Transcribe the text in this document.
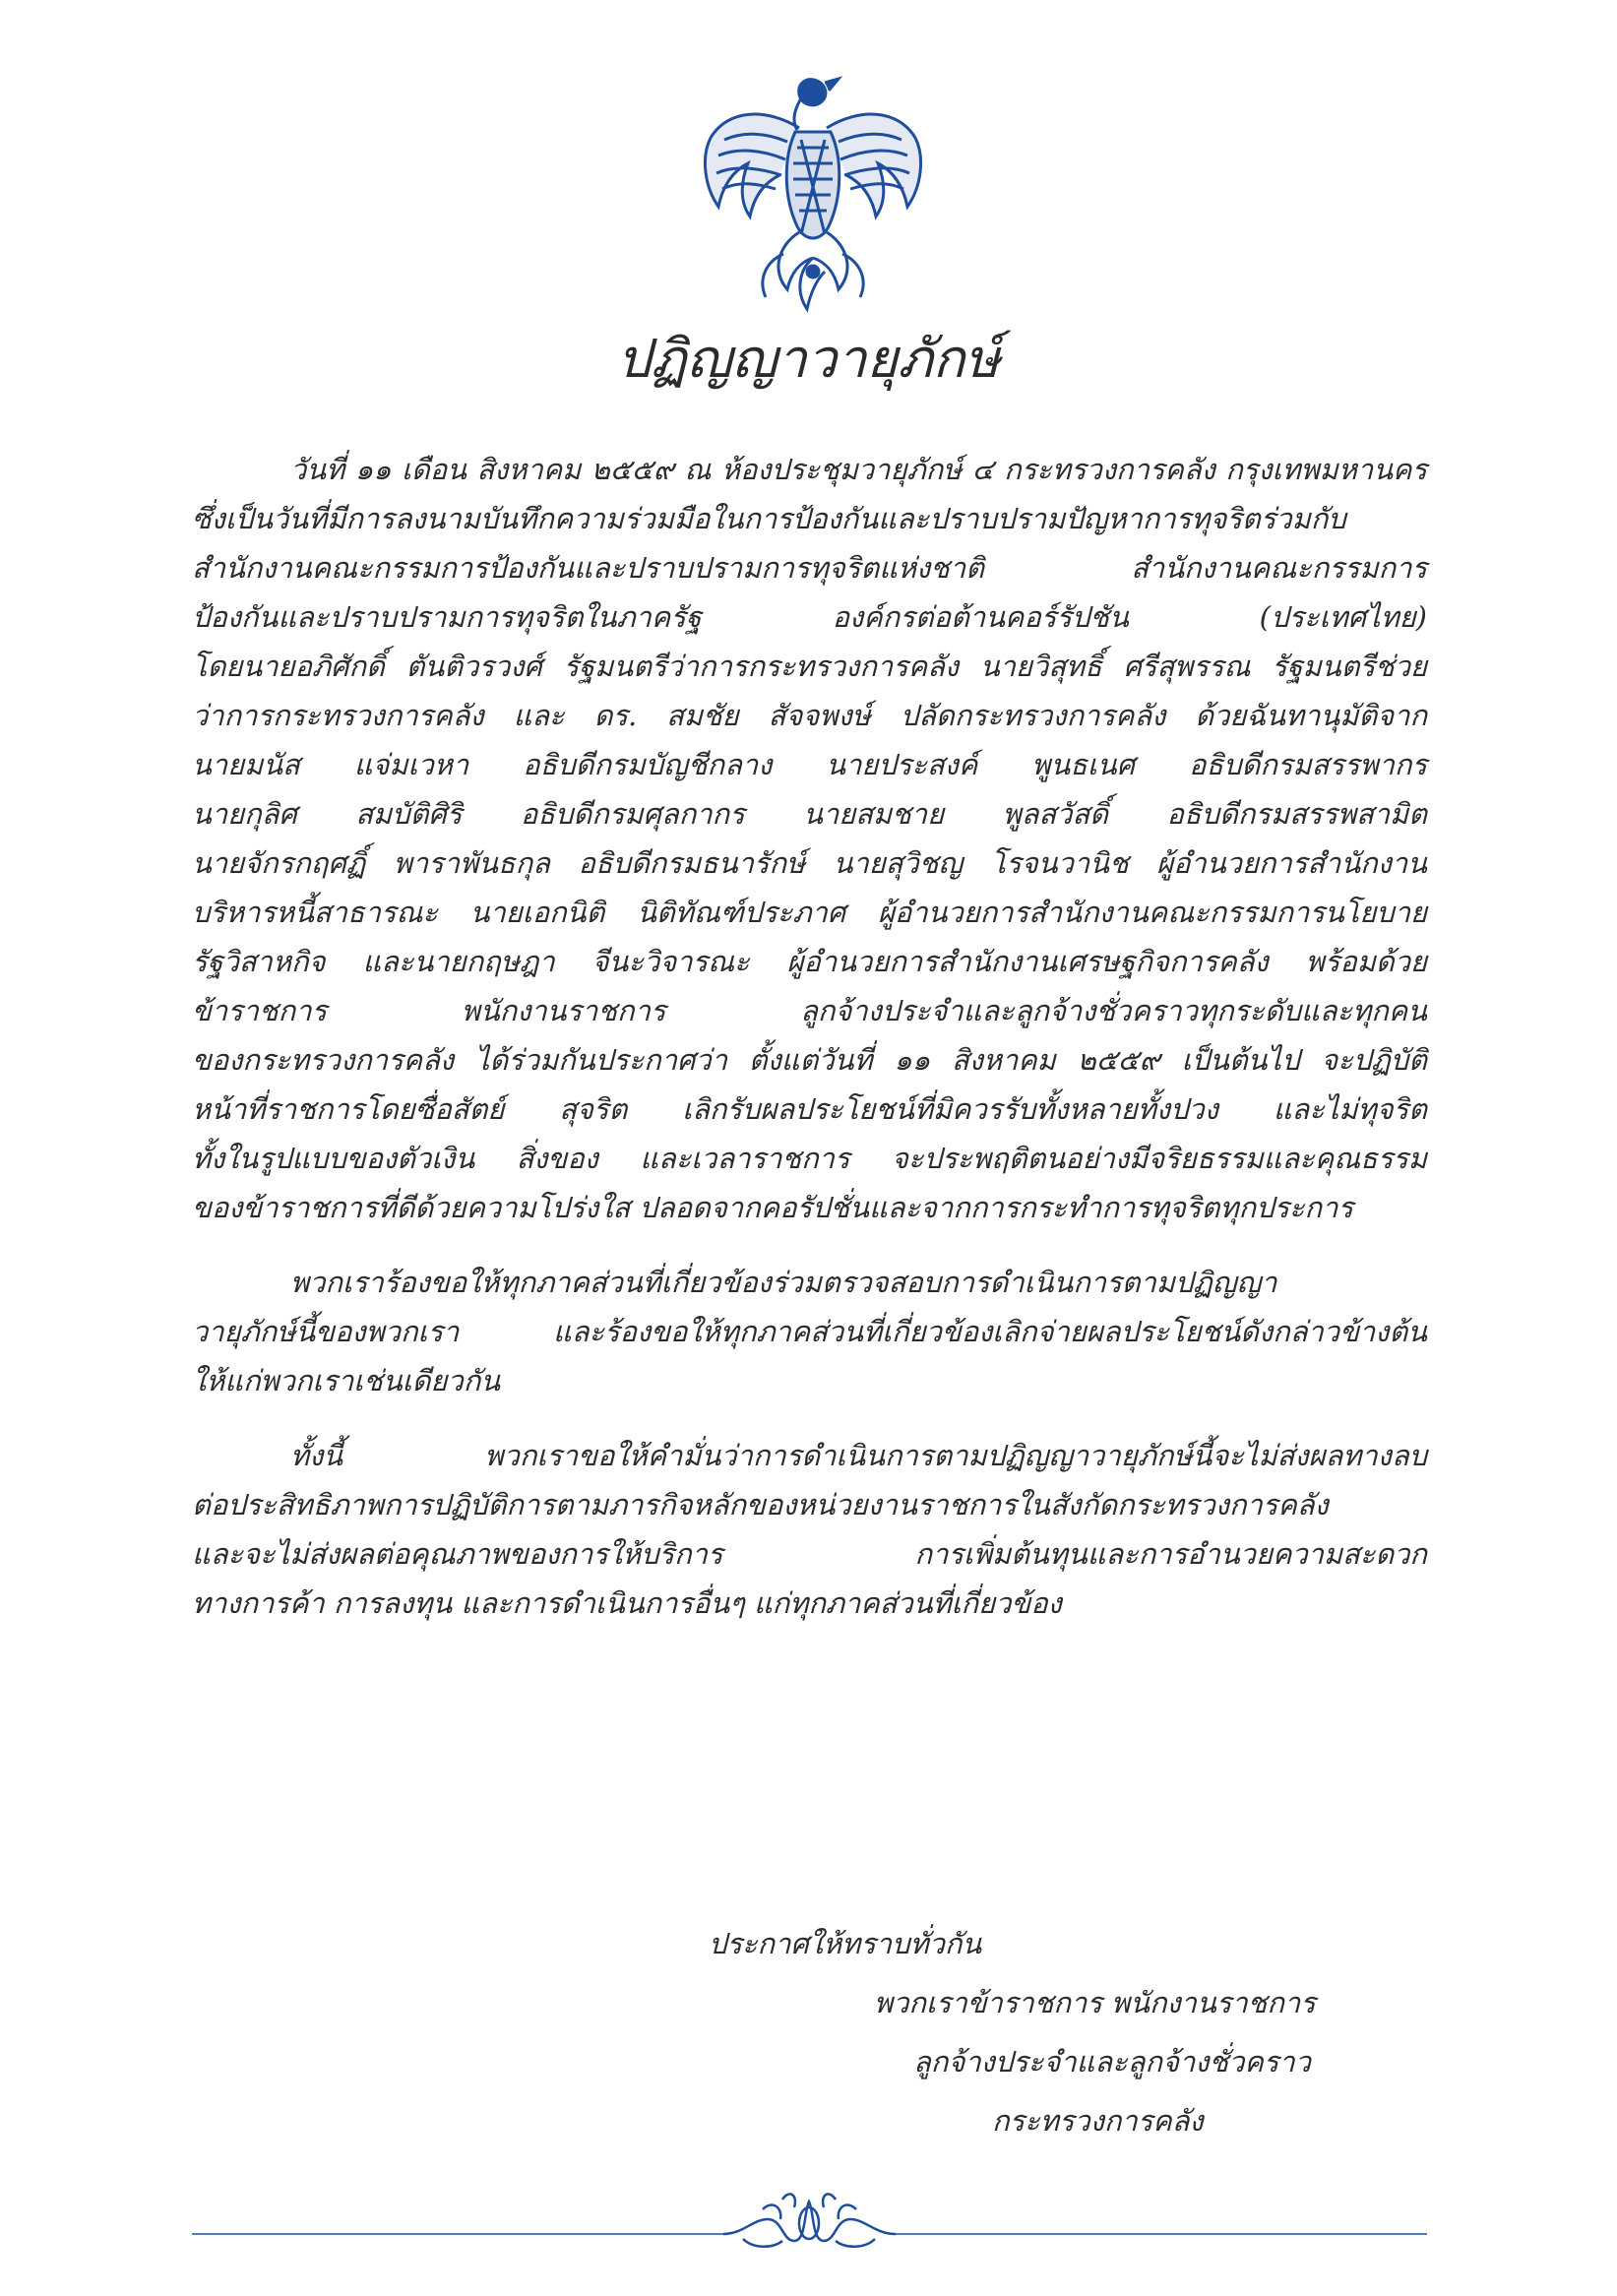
ปฏิญญาวายุภักษ์

วันที่ ๑๑ เดือน สิงหาคม ๒๕๕๙ ณ ห้องประชุมวายุภักษ์ ๔ กระทรวงการคลัง กรุงเทพมหานคร
ซึ่งเป็นวันที่มีการลงนามบันทึกความร่วมมือในการป้องกันและปราบปรามปัญหาการทุจริตร่วมกับ
สำนักงานคณะกรรมการป้องกันและปราบปรามการทุจริตแห่งชาติ สำนักงานคณะกรรมการ
ป้องกันและปราบปรามการทุจริตในภาครัฐ องค์กรต่อต้านคอร์รัปชัน (ประเทศไทย)
โดยนายอภิศักดิ์ ตันติวรวงศ์ รัฐมนตรีว่าการกระทรวงการคลัง นายวิสุทธิ์ ศรีสุพรรณ รัฐมนตรีช่วย
ว่าการกระทรวงการคลัง และ ดร. สมชัย สัจจพงษ์ ปลัดกระทรวงการคลัง ด้วยฉันทานุมัติจาก
นายมนัส แจ่มเวหา อธิบดีกรมบัญชีกลาง นายประสงค์ พูนธเนศ อธิบดีกรมสรรพากร
นายกุลิศ สมบัติศิริ อธิบดีกรมศุลกากร นายสมชาย พูลสวัสดิ์ อธิบดีกรมสรรพสามิต
นายจักรกฤศฏิ์ พาราพันธกุล อธิบดีกรมธนารักษ์ นายสุวิชญ โรจนวานิช ผู้อำนวยการสำนักงาน
บริหารหนี้สาธารณะ นายเอกนิติ นิติทัณฑ์ประภาศ ผู้อำนวยการสำนักงานคณะกรรมการนโยบาย
รัฐวิสาหกิจ และนายกฤษฎา จีนะวิจารณะ ผู้อำนวยการสำนักงานเศรษฐกิจการคลัง พร้อมด้วย
ข้าราชการ พนักงานราชการ ลูกจ้างประจำและลูกจ้างชั่วคราวทุกระดับและทุกคน
ของกระทรวงการคลัง ได้ร่วมกันประกาศว่า ตั้งแต่วันที่ ๑๑ สิงหาคม ๒๕๕๙ เป็นต้นไป จะปฏิบัติ
หน้าที่ราชการโดยซื่อสัตย์ สุจริต เลิกรับผลประโยชน์ที่มิควรรับทั้งหลายทั้งปวง และไม่ทุจริต
ทั้งในรูปแบบของตัวเงิน สิ่งของ และเวลาราชการ จะประพฤติตนอย่างมีจริยธรรมและคุณธรรม
ของข้าราชการที่ดีด้วยความโปร่งใส ปลอดจากคอรัปชั่นและจากการกระทำการทุจริตทุกประการ

พวกเราร้องขอให้ทุกภาคส่วนที่เกี่ยวข้องร่วมตรวจสอบการดำเนินการตามปฏิญญา
วายุภักษ์นี้ของพวกเรา และร้องขอให้ทุกภาคส่วนที่เกี่ยวข้องเลิกจ่ายผลประโยชน์ดังกล่าวข้างต้น
ให้แก่พวกเราเช่นเดียวกัน

ทั้งนี้ พวกเราขอให้คำมั่นว่าการดำเนินการตามปฏิญญาวายุภักษ์นี้จะไม่ส่งผลทางลบ
ต่อประสิทธิภาพการปฏิบัติการตามภารกิจหลักของหน่วยงานราชการในสังกัดกระทรวงการคลัง
และจะไม่ส่งผลต่อคุณภาพของการให้บริการ การเพิ่มต้นทุนและการอำนวยความสะดวก
ทางการค้า การลงทุน และการดำเนินการอื่นๆ แก่ทุกภาคส่วนที่เกี่ยวข้อง

ประกาศให้ทราบทั่วกัน
พวกเราข้าราชการ พนักงานราชการ
ลูกจ้างประจำและลูกจ้างชั่วคราว
กระทรวงการคลัง
